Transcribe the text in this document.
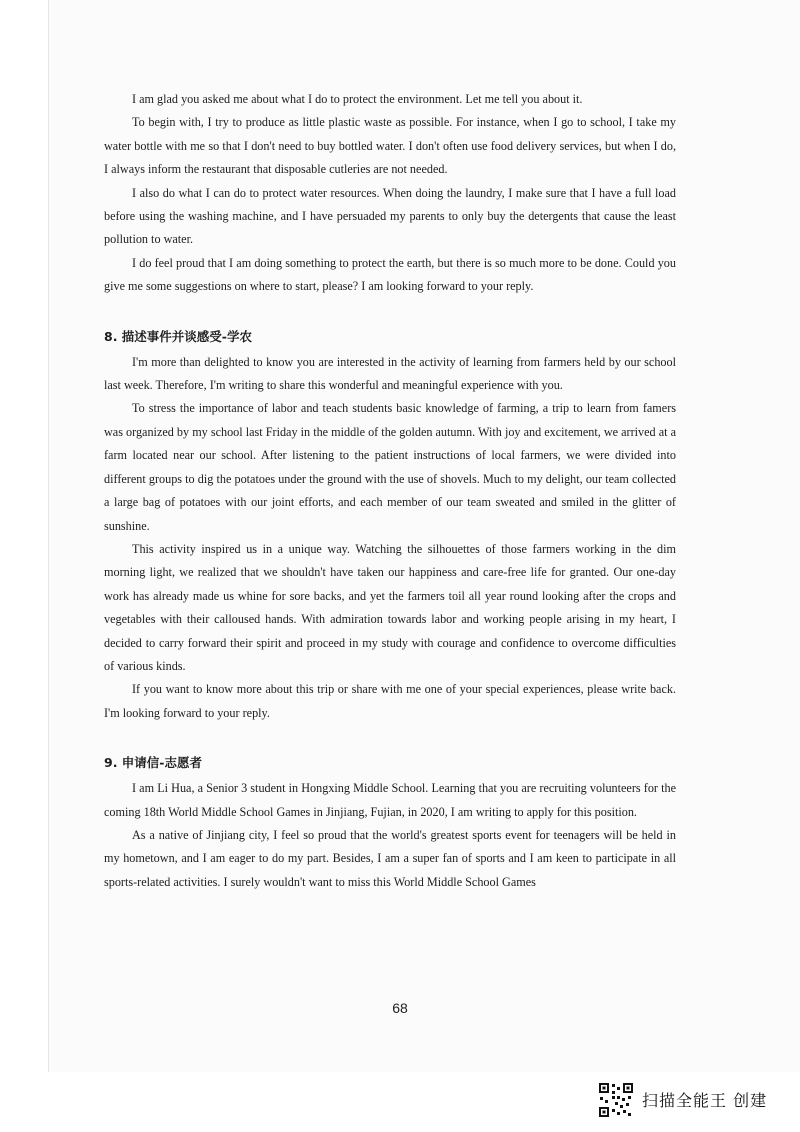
I am glad you asked me about what I do to protect the environment. Let me tell you about it.

To begin with, I try to produce as little plastic waste as possible. For instance, when I go to school, I take my water bottle with me so that I don't need to buy bottled water. I don't often use food delivery services, but when I do, I always inform the restaurant that disposable cutleries are not needed.

I also do what I can do to protect water resources. When doing the laundry, I make sure that I have a full load before using the washing machine, and I have persuaded my parents to only buy the detergents that cause the least pollution to water.

I do feel proud that I am doing something to protect the earth, but there is so much more to be done. Could you give me some suggestions on where to start, please? I am looking forward to your reply.

8. 描述事件并谈感受-学农

I'm more than delighted to know you are interested in the activity of learning from farmers held by our school last week. Therefore, I'm writing to share this wonderful and meaningful experience with you.

To stress the importance of labor and teach students basic knowledge of farming, a trip to learn from famers was organized by my school last Friday in the middle of the golden autumn. With joy and excitement, we arrived at a farm located near our school. After listening to the patient instructions of local farmers, we were divided into different groups to dig the potatoes under the ground with the use of shovels. Much to my delight, our team collected a large bag of potatoes with our joint efforts, and each member of our team sweated and smiled in the glitter of sunshine.

This activity inspired us in a unique way. Watching the silhouettes of those farmers working in the dim morning light, we realized that we shouldn't have taken our happiness and care-free life for granted. Our one-day work has already made us whine for sore backs, and yet the farmers toil all year round looking after the crops and vegetables with their calloused hands. With admiration towards labor and working people arising in my heart, I decided to carry forward their spirit and proceed in my study with courage and confidence to overcome difficulties of various kinds.

If you want to know more about this trip or share with me one of your special experiences, please write back. I'm looking forward to your reply.

9. 申请信-志愿者

I am Li Hua, a Senior 3 student in Hongxing Middle School. Learning that you are recruiting volunteers for the coming 18th World Middle School Games in Jinjiang, Fujian, in 2020, I am writing to apply for this position.

As a native of Jinjiang city, I feel so proud that the world's greatest sports event for teenagers will be held in my hometown, and I am eager to do my part. Besides, I am a super fan of sports and I am keen to participate in all sports-related activities. I surely wouldn't want to miss this World Middle School Games

68
扫描全能王 创建
